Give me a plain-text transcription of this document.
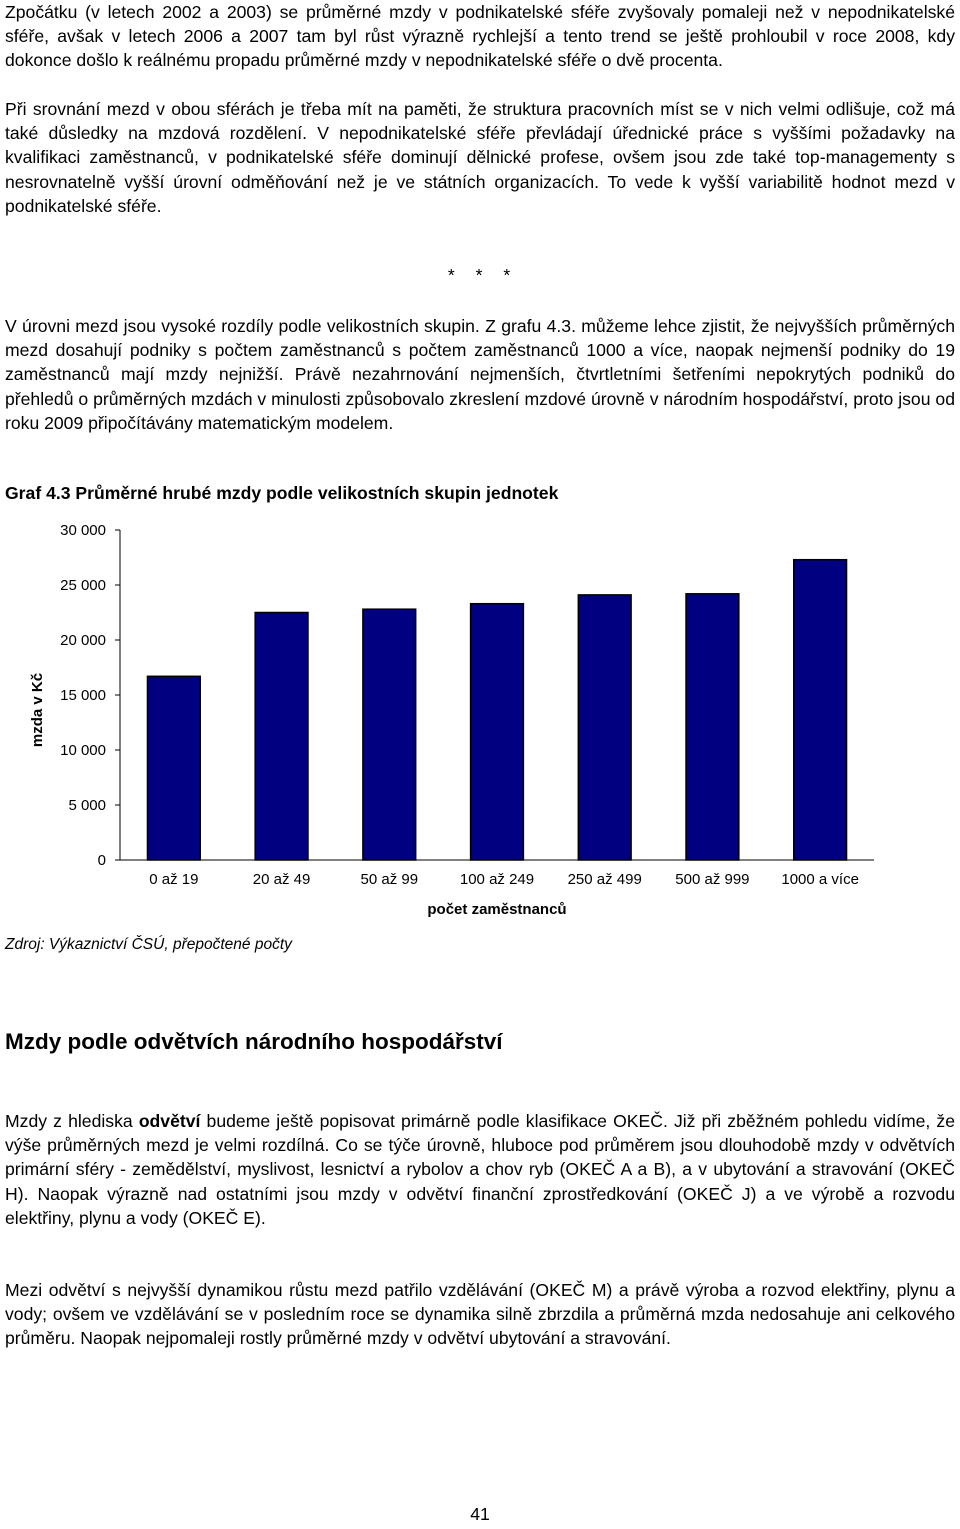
Zpočátku (v letech 2002 a 2003) se průměrné mzdy v podnikatelské sféře zvyšovaly pomaleji než v nepodnikatelské sféře, avšak v letech 2006 a 2007 tam byl růst výrazně rychlejší a tento trend se ještě prohloubil v roce 2008, kdy dokonce došlo k reálnému propadu průměrné mzdy v nepodnikatelské sféře o dvě procenta.

Při srovnání mezd v obou sférách je třeba mít na paměti, že struktura pracovních míst se v nich velmi odlišuje, což má také důsledky na mzdová rozdělení. V nepodnikatelské sféře převládají úřednické práce s vyššími požadavky na kvalifikaci zaměstnanců, v podnikatelské sféře dominují dělnické profese, ovšem jsou zde také top-managementy s nesrovnatelně vyšší úrovní odměňování než je ve státních organizacích. To vede k vyšší variabilitě hodnot mezd v podnikatelské sféře.

* * *

V úrovni mezd jsou vysoké rozdíly podle velikostních skupin. Z grafu 4.3. můžeme lehce zjistit, že nejvyšších průměrných mezd dosahují podniky s počtem zaměstnanců s počtem zaměstnanců 1000 a více, naopak nejmenší podniky do 19 zaměstnanců mají mzdy nejnižší. Právě nezahrnování nejmenších, čtvrtletními šetřeními nepokrytých podniků do přehledů o průměrných mzdách v minulosti způsobovalo zkreslení mzdové úrovně v národním hospodářství, proto jsou od roku 2009 připočítávány matematickým modelem.

Graf 4.3 Průměrné hrubé mzdy podle velikostních skupin jednotek

0
5 000
10 000
15 000
20 000
25 000
30 000
0 až 19	20 až 49	50 až 99	100 až 249 250 až 499 500 až 999 1000 a více
počet zaměstnanců
mzda v Kč

Zdroj: Výkaznictví ČSÚ, přepočtené počty

Mzdy podle odvětvích národního hospodářství

Mzdy z hlediska odvětví budeme ještě popisovat primárně podle klasifikace OKEČ. Již při zběžném pohledu vidíme, že výše průměrných mezd je velmi rozdílná. Co se týče úrovně, hluboce pod průměrem jsou dlouhodobě mzdy v odvětvích primární sféry - zemědělství, myslivost, lesnictví a rybolov a chov ryb (OKEČ A a B), a v ubytování a stravování (OKEČ H). Naopak výrazně nad ostatními jsou mzdy v odvětví finanční zprostředkování (OKEČ J) a ve výrobě a rozvodu elektřiny, plynu a vody (OKEČ E).

Mezi odvětví s nejvyšší dynamikou růstu mezd patřilo vzdělávání (OKEČ M) a právě výroba a rozvod elektřiny, plynu a vody; ovšem ve vzdělávání se v posledním roce se dynamika silně zbrzdila a průměrná mzda nedosahuje ani celkového průměru. Naopak nejpomaleji rostly průměrné mzdy v odvětví ubytování a stravování.

41
